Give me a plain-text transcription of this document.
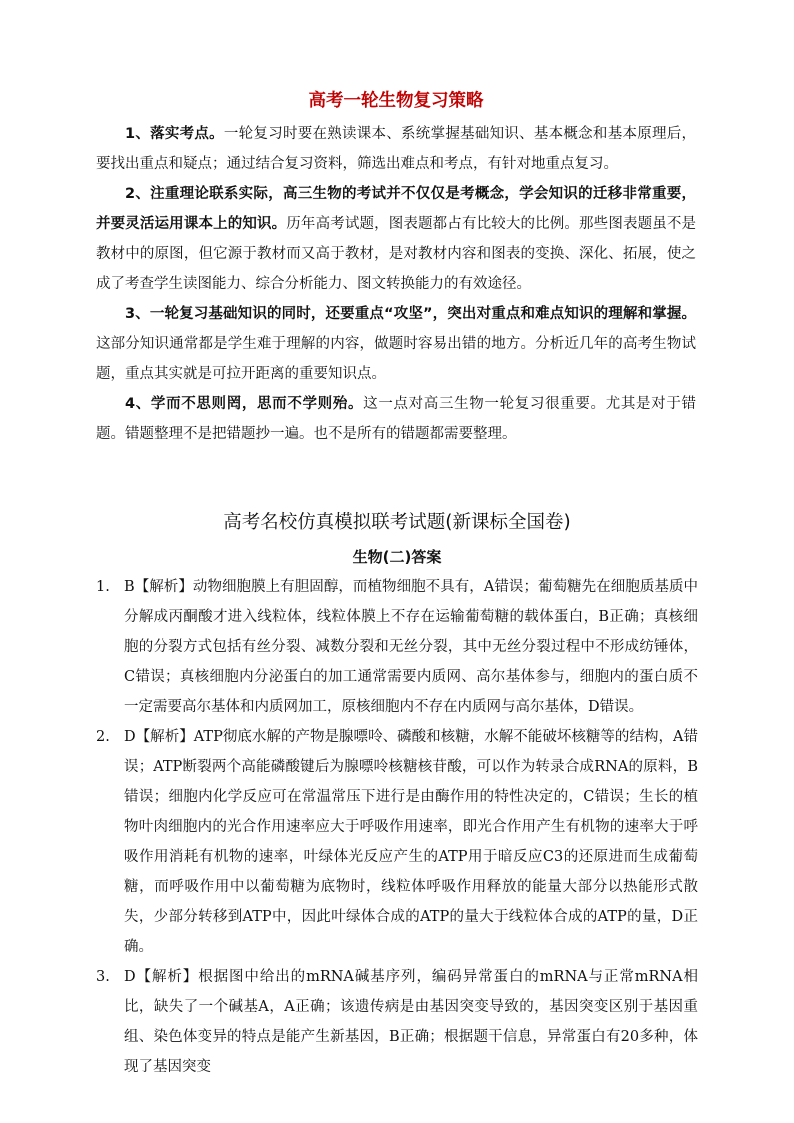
高考一轮生物复习策略

1、落实考点。一轮复习时要在熟读课本、系统掌握基础知识、基本概念和基本原理后，要找出重点和疑点；通过结合复习资料，筛选出难点和考点，有针对地重点复习。

2、注重理论联系实际，高三生物的考试并不仅仅是考概念，学会知识的迁移非常重要，并要灵活运用课本上的知识。历年高考试题，图表题都占有比较大的比例。那些图表题虽不是教材中的原图，但它源于教材而又高于教材，是对教材内容和图表的变换、深化、拓展，使之成了考查学生读图能力、综合分析能力、图文转换能力的有效途径。

3、一轮复习基础知识的同时，还要重点“攻坚”，突出对重点和难点知识的理解和掌握。这部分知识通常都是学生难于理解的内容，做题时容易出错的地方。分析近几年的高考生物试题，重点其实就是可拉开距离的重要知识点。

4、学而不思则罔，思而不学则殆。这一点对高三生物一轮复习很重要。尤其是对于错题。错题整理不是把错题抄一遍。也不是所有的错题都需要整理。

高考名校仿真模拟联考试题(新课标全国卷)
生物(二)答案
1. B【解析】动物细胞膜上有胆固醇，而植物细胞不具有，A错误；葡萄糖先在细胞质基质中分解成丙酮酸才进入线粒体，线粒体膜上不存在运输葡萄糖的载体蛋白，B正确；真核细胞的分裂方式包括有丝分裂、减数分裂和无丝分裂，其中无丝分裂过程中不形成纺锤体，C错误；真核细胞内分泌蛋白的加工通常需要内质网、高尔基体参与，细胞内的蛋白质不一定需要高尔基体和内质网加工，原核细胞内不存在内质网与高尔基体，D错误。
2. D【解析】ATP彻底水解的产物是腺嘌呤、磷酸和核糖，水解不能破坏核糖等的结构，A错误；ATP断裂两个高能磷酸键后为腺嘌呤核糖核苷酸，可以作为转录合成RNA的原料，B错误；细胞内化学反应可在常温常压下进行是由酶作用的特性决定的，C错误；生长的植物叶肉细胞内的光合作用速率应大于呼吸作用速率，即光合作用产生有机物的速率大于呼吸作用消耗有机物的速率，叶绿体光反应产生的ATP用于暗反应C3的还原进而生成葡萄糖，而呼吸作用中以葡萄糖为底物时，线粒体呼吸作用释放的能量大部分以热能形式散失，少部分转移到ATP中，因此叶绿体合成的ATP的量大于线粒体合成的ATP的量，D正确。
3. D【解析】根据图中给出的mRNA碱基序列，编码异常蛋白的mRNA与正常mRNA相比，缺失了一个碱基A，A正确；该遗传病是由基因突变导致的，基因突变区别于基因重组、染色体变异的特点是能产生新基因，B正确；根据题干信息，异常蛋白有20多种，体现了基因突变
